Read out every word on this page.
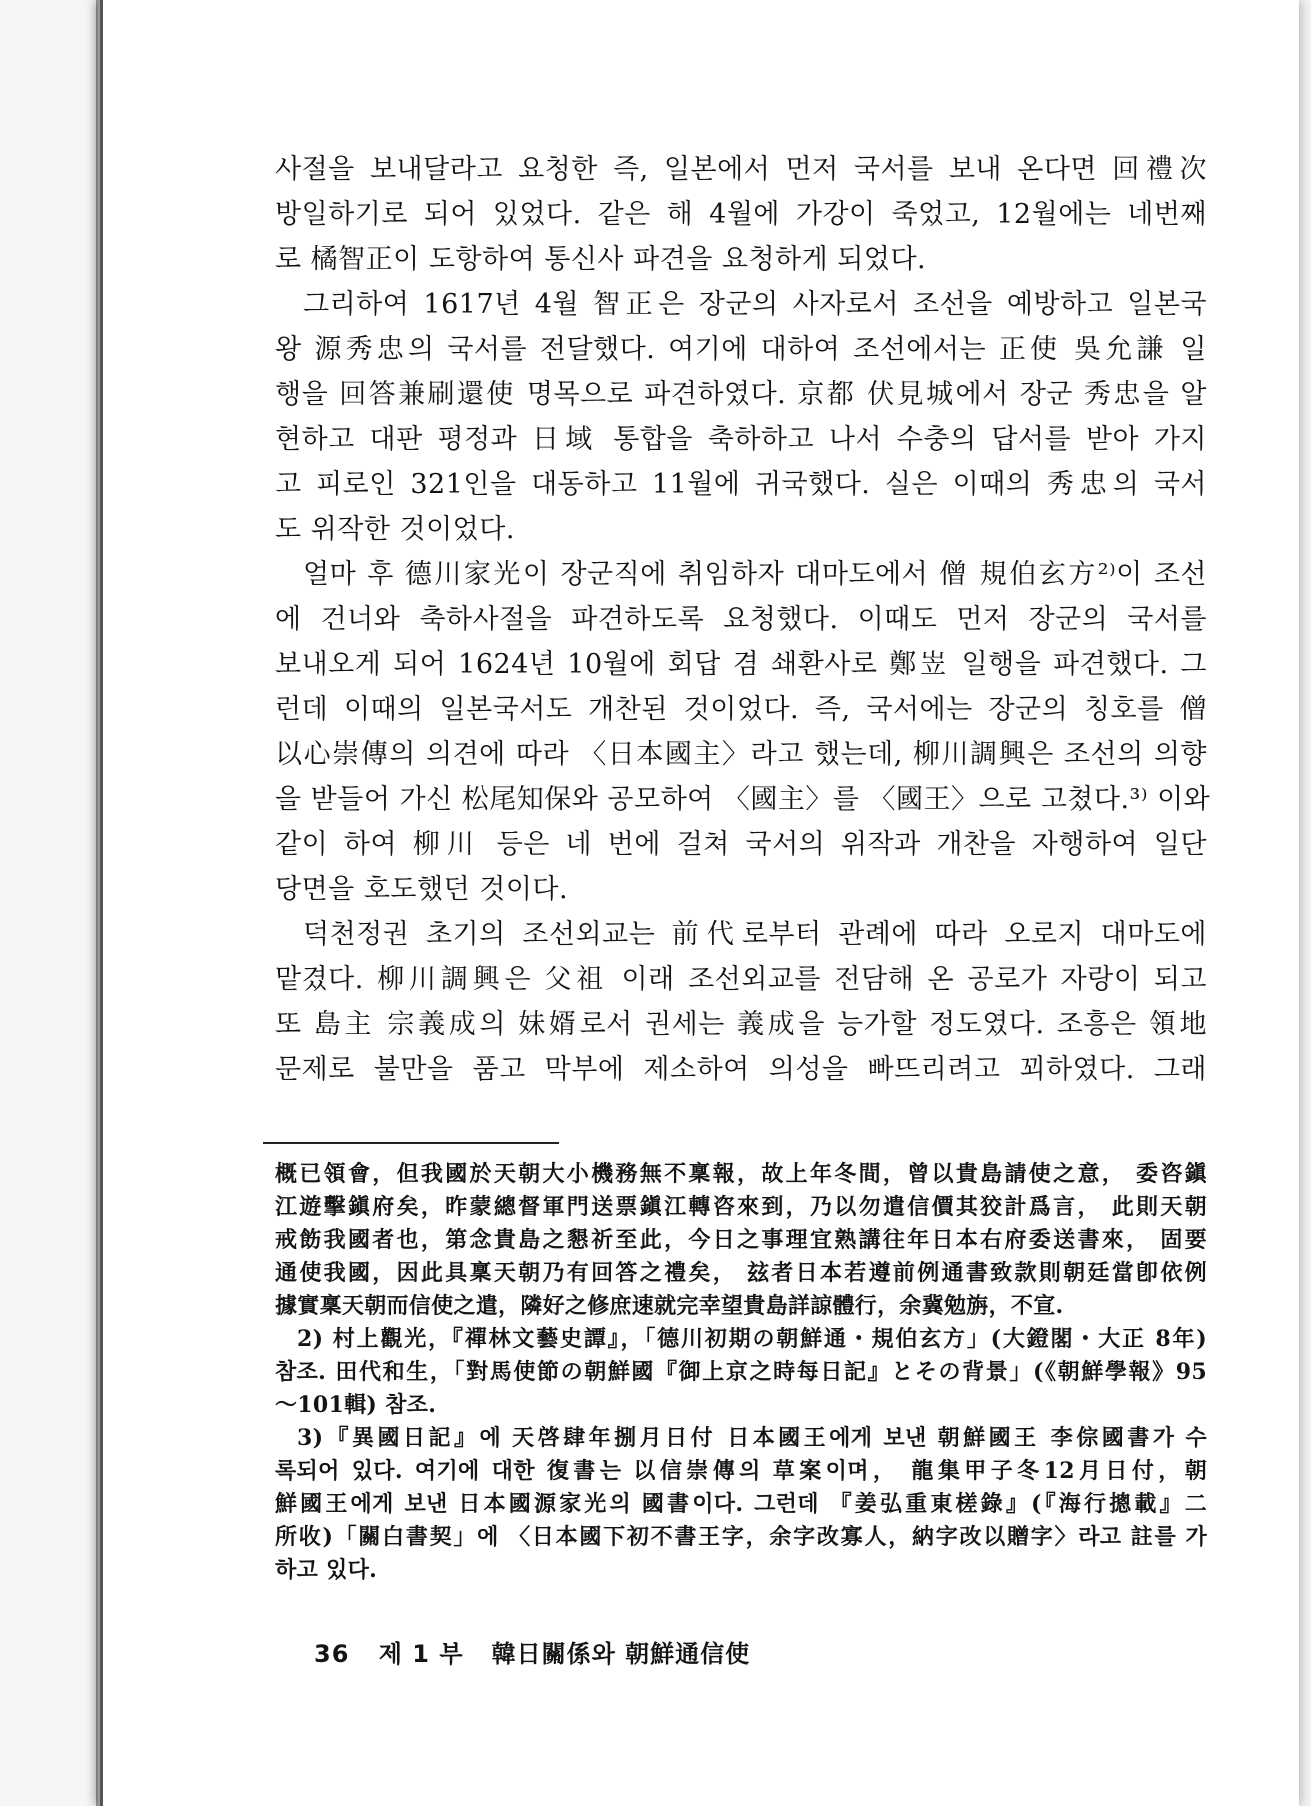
사절을 보내달라고 요청한 즉, 일본에서 먼저 국서를 보내 온다면 回禮次
방일하기로 되어 있었다. 같은 해 4월에 가강이 죽었고, 12월에는 네번째
로 橘智正이 도항하여 통신사 파견을 요청하게 되었다.
그리하여 1617년 4월 智正은 장군의 사자로서 조선을 예방하고 일본국
왕 源秀忠의 국서를 전달했다. 여기에 대하여 조선에서는 正使 吳允謙 일
행을 回答兼刷還使 명목으로 파견하였다. 京都 伏見城에서 장군 秀忠을 알
현하고 대판 평정과 日域 통합을 축하하고 나서 수충의 답서를 받아 가지
고 피로인 321인을 대동하고 11월에 귀국했다. 실은 이때의 秀忠의 국서
도 위작한 것이었다.
얼마 후 德川家光이 장군직에 취임하자 대마도에서 僧 規伯玄方²⁾이 조선
에 건너와 축하사절을 파견하도록 요청했다. 이때도 먼저 장군의 국서를
보내오게 되어 1624년 10월에 회답 겸 쇄환사로 鄭岦 일행을 파견했다. 그
런데 이때의 일본국서도 개찬된 것이었다. 즉, 국서에는 장군의 칭호를 僧
以心崇傳의 의견에 따라 〈日本國主〉라고 했는데, 柳川調興은 조선의 의향
을 받들어 가신 松尾知保와 공모하여 〈國主〉를 〈國王〉으로 고쳤다.³⁾ 이와
같이 하여 柳川 등은 네 번에 걸쳐 국서의 위작과 개찬을 자행하여 일단
당면을 호도했던 것이다.
덕천정권 초기의 조선외교는 前代로부터 관례에 따라 오로지 대마도에
맡겼다. 柳川調興은 父祖 이래 조선외교를 전담해 온 공로가 자랑이 되고
또 島主 宗義成의 妹婿로서 권세는 義成을 능가할 정도였다. 조흥은 領地
문제로 불만을 품고 막부에 제소하여 의성을 빠뜨리려고 꾀하였다. 그래
概已領會，但我國於天朝大小機務無不稟報，故上年冬間，曾以貴島請使之意， 委咨鎭
江遊擊鎭府矣，昨蒙總督軍門送票鎭江轉咨來到，乃以勿遣信價其狡計爲言， 此則天朝
戒飭我國者也，第念貴島之懇祈至此，今日之事理宜熟講往年日本右府委送書來， 固要
通使我國，因此具稟天朝乃有回答之禮矣， 玆者日本若遵前例通書致款則朝廷當卽依例
據實稟天朝而信使之遣，隣好之修庶速就完幸望貴島詳諒體行，余冀勉旃，不宣.
2) 村上觀光，『禪林文藝史譚』，「德川初期の朝鮮通・規伯玄方」(大鐙閣・大正 8年)
참조. 田代和生，「對馬使節の朝鮮國『御上京之時每日記』とその背景」(《朝鮮學報》95
～101輯) 참조.
3)『異國日記』에 天啓肆年捌月日付 日本國王에게 보낸 朝鮮國王 李倧國書가 수
록되어 있다. 여기에 대한 復書는 以信崇傳의 草案이며， 龍集甲子冬12月日付，朝
鮮國王에게 보낸 日本國源家光의 國書이다. 그런데 『姜弘重東槎錄』(『海行摠載』二
所收)「關白書契」에 〈日本國下初不書王字，余字改寡人，納字改以贈字〉라고 註를 가
하고 있다.
36 제 1 부 韓日關係와 朝鮮通信使
